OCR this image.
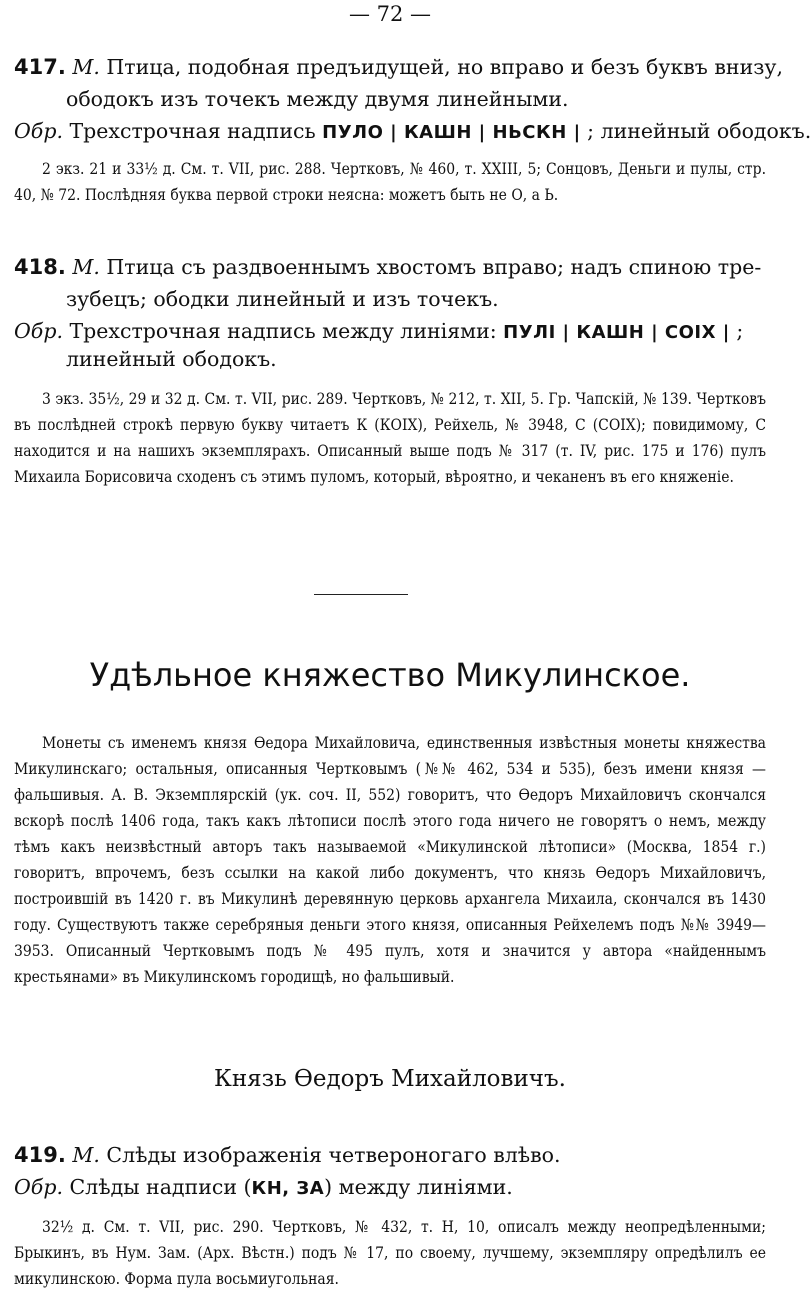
— 72 —
417. М. Птица, подобная предъидущей, но вправо и безъ буквъ внизу,
ободокъ изъ точекъ между двумя линейными.
Обр. Трехстрочная надпись ПУЛО | КАШН | НЬСКН | ; линейный ободокъ.

2 экз. 21 и 33½ д. См. т. VII, рис. 288. Чертковъ, № 460, т. XXIII, 5; Сонцовъ, Деньги и пулы, стр. 40, № 72. Послѣдняя буква первой строки неясна: можетъ быть не О, а Ь.

418. М. Птица съ раздвоеннымъ хвостомъ вправо; надъ спиною тре-
зубецъ; ободки линейный и изъ точекъ.
Обр. Трехстрочная надпись между линіями: ПУЛІ | КАШН | СОІХ | ;
линейный ободокъ.

3 экз. 35½, 29 и 32 д. См. т. VII, рис. 289. Чертковъ, № 212, т. XII, 5. Гр. Чапскій, № 139. Чертковъ въ послѣдней строкѣ первую букву читаетъ К (КОІХ), Рейхель, № 3948, С (СОІХ); повидимому, С находится и на нашихъ экземплярахъ. Описанный выше подъ № 317 (т. IV, рис. 175 и 176) пулъ Михаила Борисовича сходенъ съ этимъ пуломъ, который, вѣроятно, и чеканенъ въ его княженіе.

Удѣльное княжество Микулинское.

Монеты съ именемъ князя Ѳедора Михайловича, единственныя извѣстныя монеты княжества Микулинскаго; остальныя, описанныя Чертковымъ (№№ 462, 534 и 535), безъ имени князя — фальшивыя. А. В. Экземплярскій (ук. соч. II, 552) говоритъ, что Ѳедоръ Михайловичъ скончался вскорѣ послѣ 1406 года, такъ какъ лѣтописи послѣ этого года ничего не говорятъ о немъ, между тѣмъ какъ неизвѣстный авторъ такъ называемой «Микулинской лѣтописи» (Москва, 1854 г.) говоритъ, впрочемъ, безъ ссылки на какой либо документъ, что князь Ѳедоръ Михайловичъ, построившій въ 1420 г. въ Микулинѣ деревянную церковь архангела Михаила, скончался въ 1430 году. Существуютъ также серебряныя деньги этого князя, описанныя Рейхелемъ подъ №№ 3949—3953. Описанный Чертковымъ подъ № 495 пулъ, хотя и значится у автора «найденнымъ крестьянами» въ Микулинскомъ городищѣ, но фальшивый.

Князь Ѳедоръ Михайловичъ.
419. М. Слѣды изображенія четвероногаго влѣво.
Обр. Слѣды надписи (КН, ЗА) между линіями.

32½ д. См. т. VII, рис. 290. Чертковъ, № 432, т. Н, 10, описалъ между неопредѣленными; Брыкинъ, въ Нум. Зам. (Арх. Вѣстн.) подъ № 17, по своему, лучшему, экземпляру опредѣлилъ ее микулинскою. Форма пула восьмиугольная.
